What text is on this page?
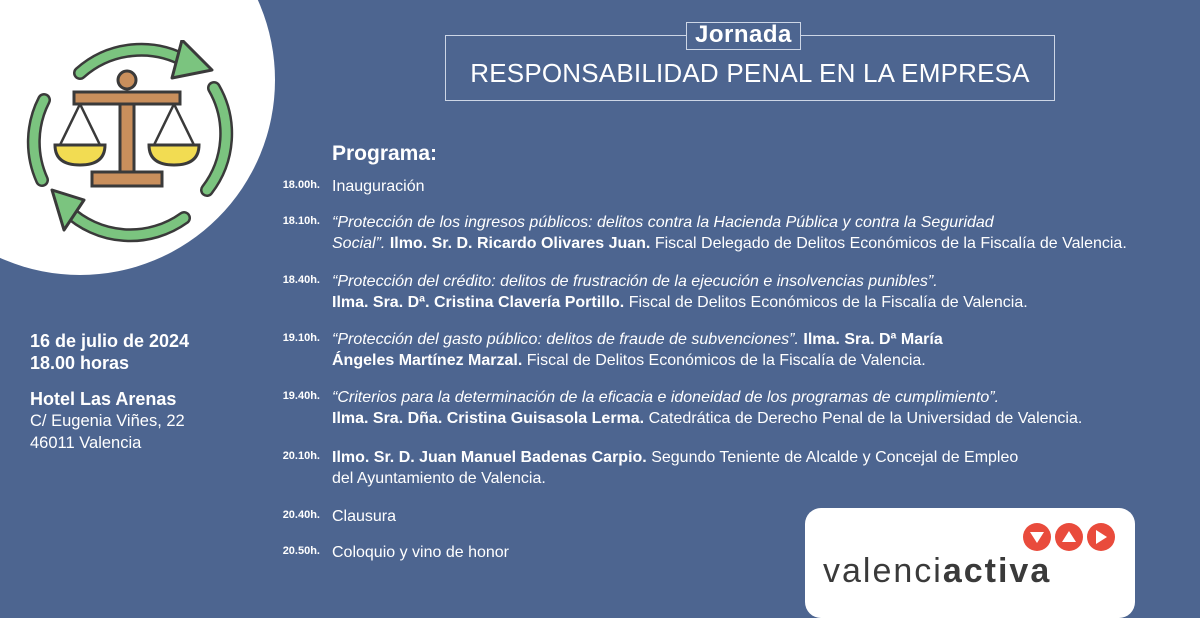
Jornada
RESPONSABILIDAD PENAL EN LA EMPRESA
16 de julio de 2024
18.00 horas
Hotel Las Arenas
C/ Eugenia Viñes, 22
46011 Valencia
Programa:
18.00h. Inauguración
18.10h. “Protección de los ingresos públicos: delitos contra la Hacienda Pública y contra la Seguridad
Social”. Ilmo. Sr. D. Ricardo Olivares Juan. Fiscal Delegado de Delitos Económicos de la Fiscalía de Valencia.
18.40h. “Protección del crédito: delitos de frustración de la ejecución e insolvencias punibles”.
Ilma. Sra. Dª. Cristina Clavería Portillo. Fiscal de Delitos Económicos de la Fiscalía de Valencia.
19.10h. “Protección del gasto público: delitos de fraude de subvenciones”. Ilma. Sra. Dª María
Ángeles Martínez Marzal. Fiscal de Delitos Económicos de la Fiscalía de Valencia.
19.40h. “Criterios para la determinación de la eficacia e idoneidad de los programas de cumplimiento”.
Ilma. Sra. Dña. Cristina Guisasola Lerma. Catedrática de Derecho Penal de la Universidad de Valencia.
20.10h. Ilmo. Sr. D. Juan Manuel Badenas Carpio. Segundo Teniente de Alcalde y Concejal de Empleo
del Ayuntamiento de Valencia.
20.40h. Clausura
20.50h. Coloquio y vino de honor	valenciactiva
